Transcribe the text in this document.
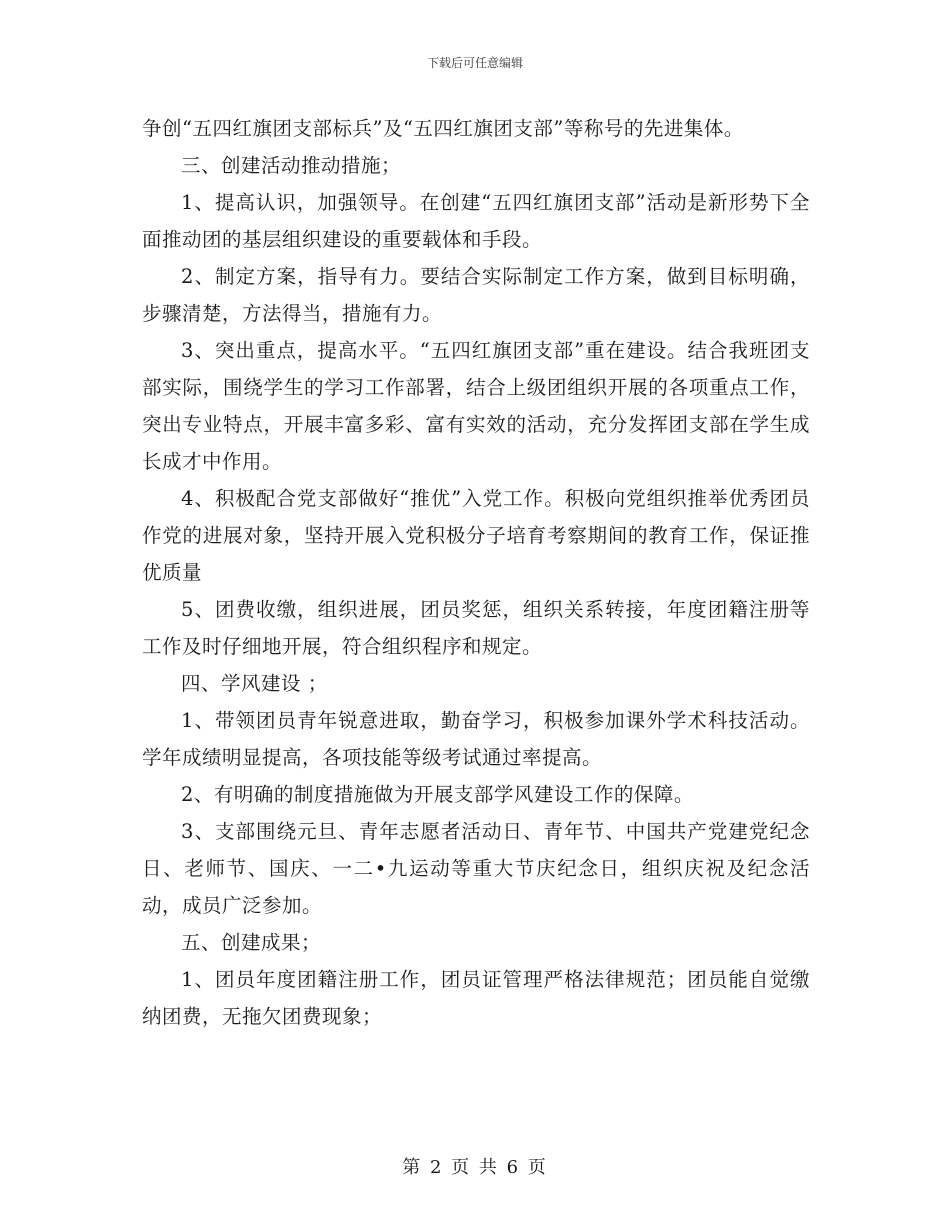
下载后可任意编辑

争创“五四红旗团支部标兵”及“五四红旗团支部”等称号的先进集体。

三、创建活动推动措施；

1、提高认识，加强领导。在创建“五四红旗团支部”活动是新形势下全面推动团的基层组织建设的重要载体和手段。

2、制定方案，指导有力。要结合实际制定工作方案，做到目标明确，步骤清楚，方法得当，措施有力。

3、突出重点，提高水平。“五四红旗团支部”重在建设。结合我班团支部实际，围绕学生的学习工作部署，结合上级团组织开展的各项重点工作，突出专业特点，开展丰富多彩、富有实效的活动，充分发挥团支部在学生成长成才中作用。

4、积极配合党支部做好“推优”入党工作。积极向党组织推举优秀团员作党的进展对象，坚持开展入党积极分子培育考察期间的教育工作，保证推优质量

5、团费收缴，组织进展，团员奖惩，组织关系转接，年度团籍注册等工作及时仔细地开展，符合组织程序和规定。

四、学风建设 ；

1、带领团员青年锐意进取，勤奋学习，积极参加课外学术科技活动。学年成绩明显提高，各项技能等级考试通过率提高。

2、有明确的制度措施做为开展支部学风建设工作的保障。

3、支部围绕元旦、青年志愿者活动日、青年节、中国共产党建党纪念日、老师节、国庆、一二•九运动等重大节庆纪念日，组织庆祝及纪念活动，成员广泛参加。

五、创建成果；

1、团员年度团籍注册工作，团员证管理严格法律规范；团员能自觉缴纳团费，无拖欠团费现象；

第 2 页 共 6 页
